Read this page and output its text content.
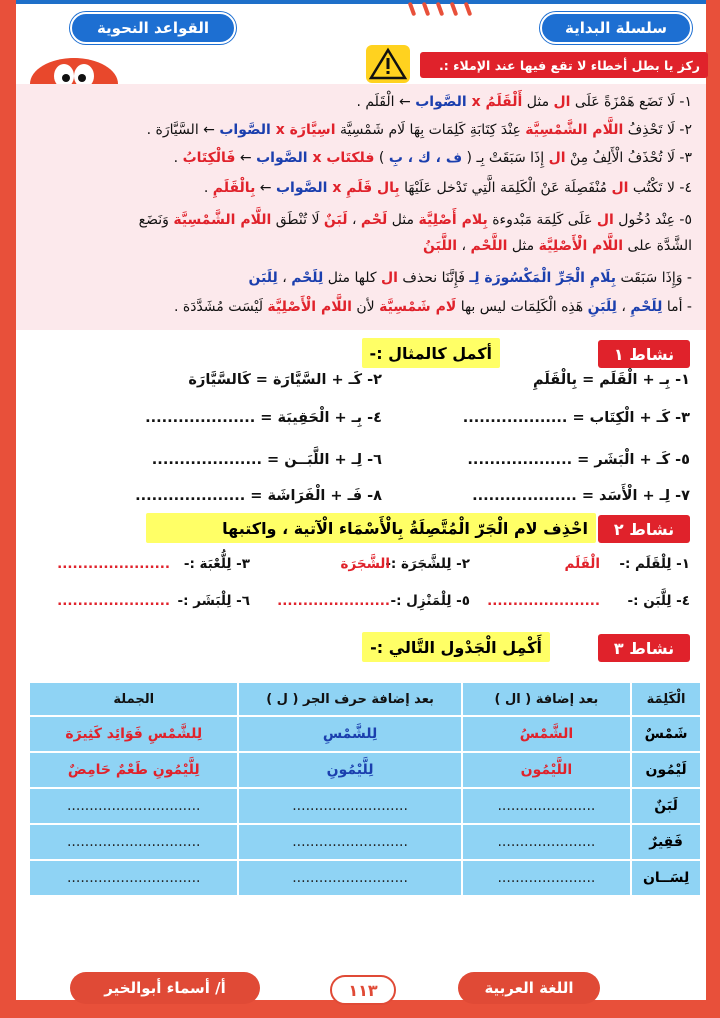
سلسلة البداية
القواعد النحوية
ركز يا بطل أخطاء لا تقع فيها عند الإملاء :.
١- لَا تَضَع هَمْزَةً عَلَى ال مثل أَلْقَلَمُ x الصَّواب ← الْقَلَم .
٢- لَا تَحْذِفُ اللَّام الشَّمْسِيَّة عِنْدَ كِتَابَةِ كَلِمَات بِهَا لَام شَمْسِيَّة اسِيَّارَة x الصَّواب ← السَّيَّارَة .
٣- لَا تُحْذَفُ الْأَلِفُ مِنْ ال إِذَا سَبَقَتْ بِـ ( ف ، ك ، بِ ) فلكتَاب x الصَّواب ← فَالْكِتَابُ .
٤- لا تَكْتُب ال مُنْفَصِلَة عَنْ الْكَلِمَة الَّتِي تَدْخل عَلَيْهَا بِال قَلَمِ x الصَّواب ← بِالْقَلَمِ .
٥- عِنْد دُخُول ال عَلَى كَلِمَة مَبْدوءة بِلام أَصْلِيَّة مثل لَحْم ، لَبَنٌ لَا تُنْطَق اللَّام الشَّمْسِيَّة وَنَضَع
الشَّدَّة على اللَّام الْأَصْلِيَّة مثل اللَّحْم ، اللَّبَنُ
- وَإِذَا سَبَقَت بِلَامِ الْجَرِّ الْمَكْسُورَة لِـ فَإِنَّنَا نحذف ال كلها مثل لِلَحْم ، لِلَبَن
- أما لِلَحْمِ ، لِلَبَنِ هَذِه الْكَلِمَات ليس بها لَام شَمْسِيَّة لأن اللَّام الْأَصْلِيَّة لَيْسَت مُشَدَّدَة .
نشاط ١
أكمل كالمثال :-
١- بِـ + الْقَلَم = بِالْقَلَمِ
٢- كَـ + السَّيَّارَة = كَالسَّيَّارَة
٣- كَـ + الْكِتَاب = ...................
٤- بِـ + الْحَقِيبَة = ....................
٥- كَـ + الْبَشَر = ...................
٦- لِـ + اللَّبَــن = ....................
٧- لِـ + الْأَسَد = ...................
٨- فَـ + الْفَرَاشَة = ....................
نشاط ٢
احْذِف لام الْجَرّ الْمُتَّصِلَةُ بِالْأَسْمَاء الْآتية ، واكتبها
١- لِلْقَلَم :-
الْقَلَم
٢- لِلشَّجَرَة :-
الشَّجَرَة
٣- لِلُّعْبَة :-
......................
٤- لِلَّبَن :-
......................
٥- لِلْمَنْزِل :-
......................
٦- لِلْبَشَر :-
......................
نشاط ٣
أَكْمِل الْجَدْول التَّالي :-
الْكَلِمَة	بعد إضافة ( ال )	بعد إضافة حرف الجر ( ل )	الجملة
شَمْسٌ	الشَّمْسُ	لِلشَّمْسِ	لِلشَّمْسِ فَوَائِد كَثِيرَة
لَيْمُون	اللَّيْمُون	لِلَّيْمُونِ	لِلَّيْمُونِ طَعْمٌ حَامِضٌ
لَبَنٌ	......................	..........................	..............................
فَقِيرٌ	......................	..........................	..............................
لِسَــان	......................	..........................	..............................
اللغة العربية
١١٣
أ/ أسماء أبوالخير
